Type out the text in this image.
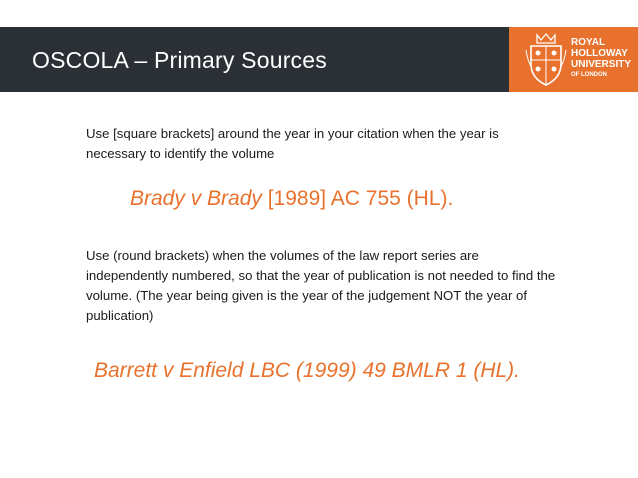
OSCOLA – Primary Sources
ROYAL
HOLLOWAY
UNIVERSITY
OF LONDON
Use [square brackets] around the year in your citation when the year is necessary to identify the volume
Brady v Brady [1989] AC 755 (HL).
Use (round brackets) when the volumes of the law report series are independently numbered, so that the year of publication is not needed to find the volume. (The year being given is the year of the judgement NOT the year of publication)
Barrett v Enfield LBC (1999) 49 BMLR 1 (HL).
